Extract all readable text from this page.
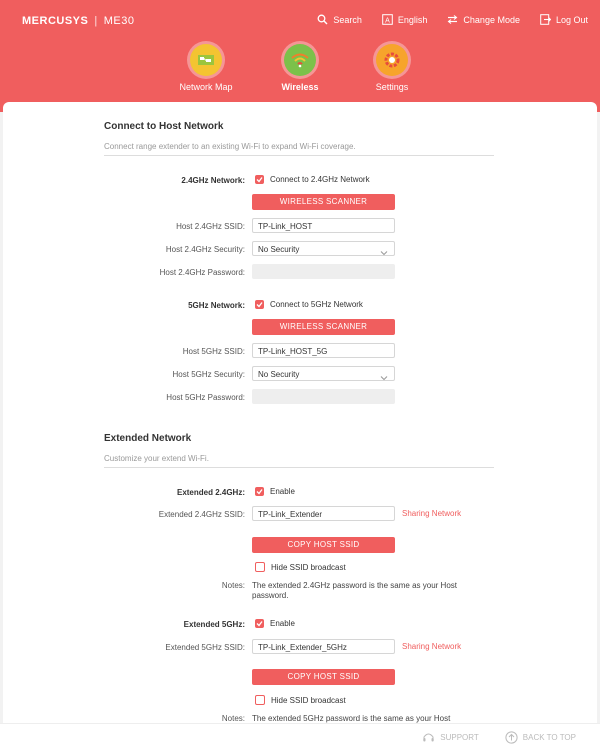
MERCUSYS | ME30	Search	A English	Change Mode	Log Out
Network Map	Wireless	Settings
Connect to Host Network
Connect range extender to an existing Wi-Fi to expand Wi-Fi coverage.
2.4GHz Network:	Connect to 2.4GHz Network
WIRELESS SCANNER
Host 2.4GHz SSID:	TP-Link_HOST
Host 2.4GHz Security:	No Security
Host 2.4GHz Password:
5GHz Network:	Connect to 5GHz Network
WIRELESS SCANNER
Host 5GHz SSID:	TP-Link_HOST_5G
Host 5GHz Security:	No Security
Host 5GHz Password:
Extended Network
Customize your extend Wi-Fi.
Extended 2.4GHz:	Enable
Extended 2.4GHz SSID:	TP-Link_Extender	Sharing Network
COPY HOST SSID
Hide SSID broadcast
Notes: The extended 2.4GHz password is the same as your Host password.
Extended 5GHz:	Enable
Extended 5GHz SSID:	TP-Link_Extender_5GHz	Sharing Network
COPY HOST SSID
Hide SSID broadcast
Notes: The extended 5GHz password is the same as your Host
SUPPORT	BACK TO TOP
